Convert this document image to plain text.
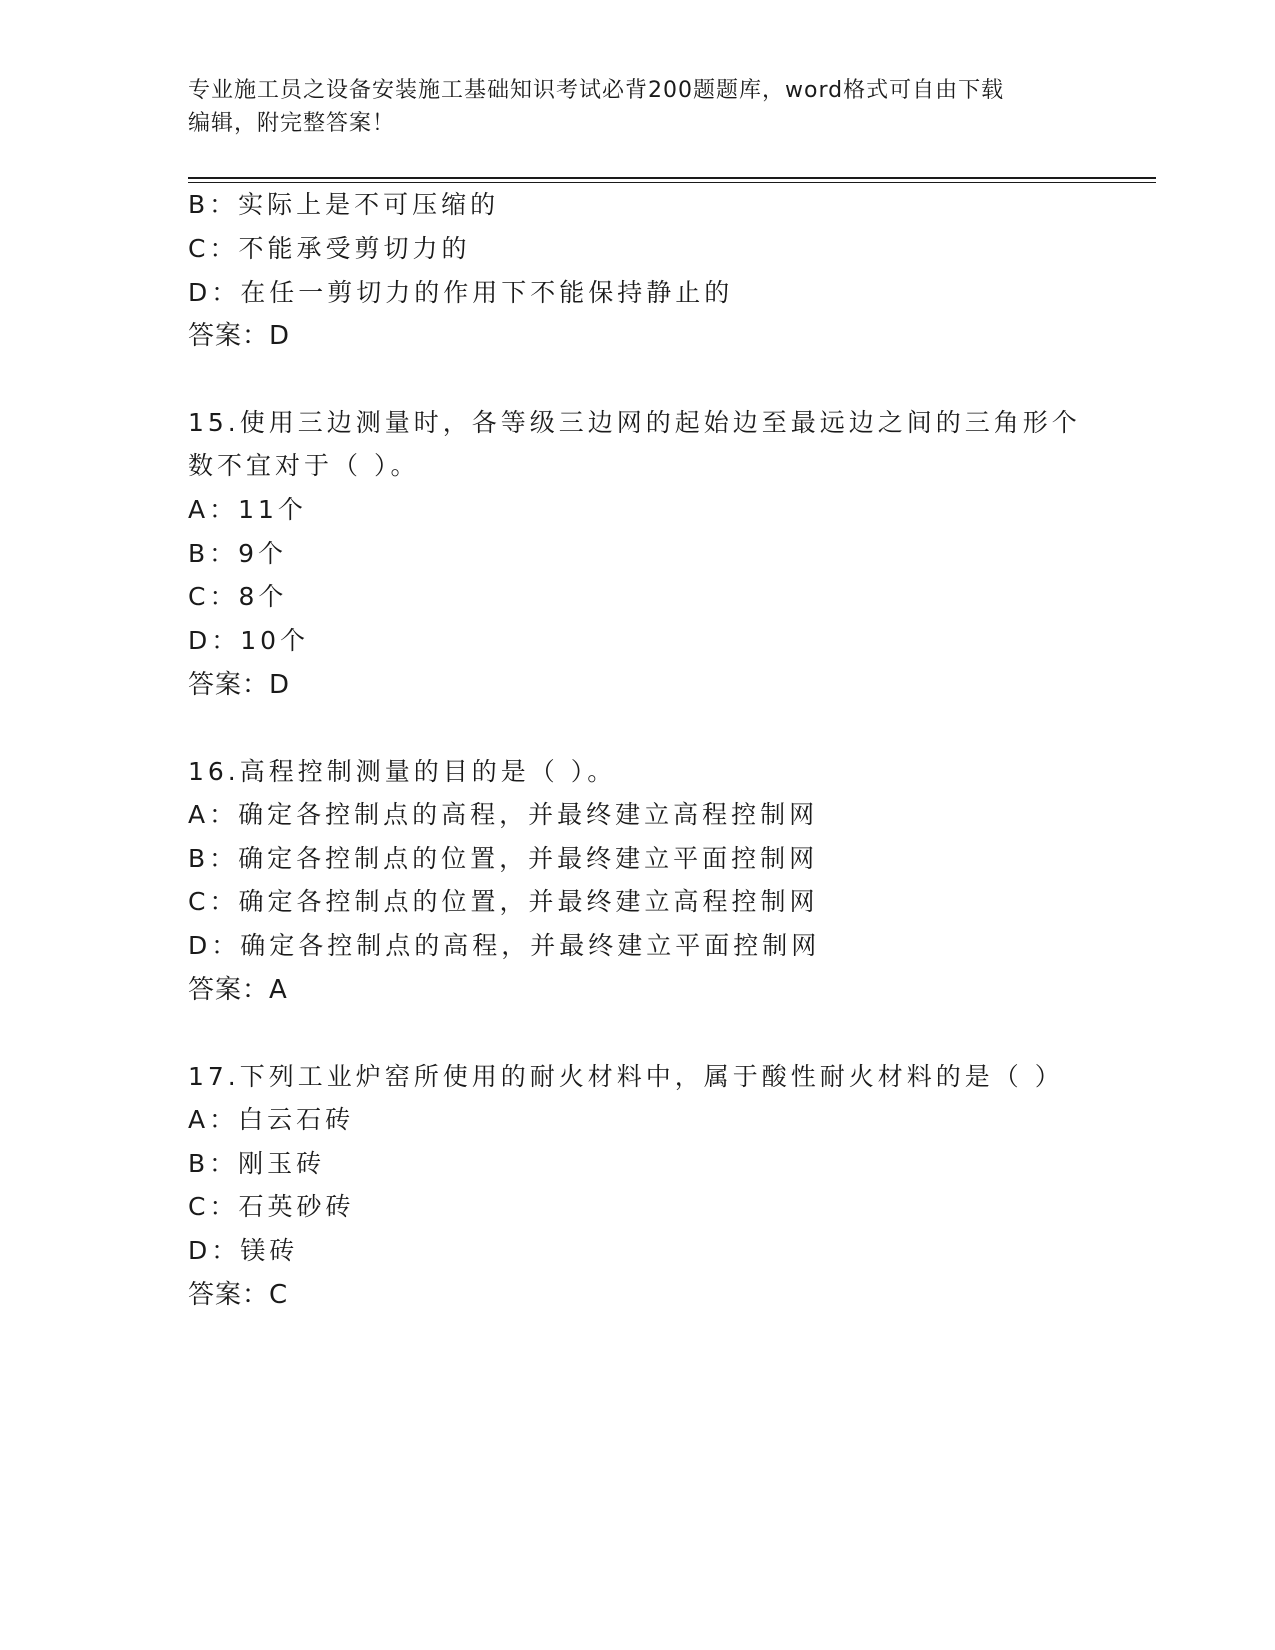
专业施工员之设备安装施工基础知识考试必背200题题库，word格式可自由下载
编辑，附完整答案！
B：实际上是不可压缩的
C：不能承受剪切力的
D：在任一剪切力的作用下不能保持静止的
答案：D
15.使用三边测量时，各等级三边网的起始边至最远边之间的三角形个
数不宜对于（ ）。
A：11个
B：9个
C：8个
D：10个
答案：D
16.高程控制测量的目的是（ ）。
A：确定各控制点的高程，并最终建立高程控制网
B：确定各控制点的位置，并最终建立平面控制网
C：确定各控制点的位置，并最终建立高程控制网
D：确定各控制点的高程，并最终建立平面控制网
答案：A
17.下列工业炉窑所使用的耐火材料中，属于酸性耐火材料的是（ ）
A：白云石砖
B：刚玉砖
C：石英砂砖
D：镁砖
答案：C
